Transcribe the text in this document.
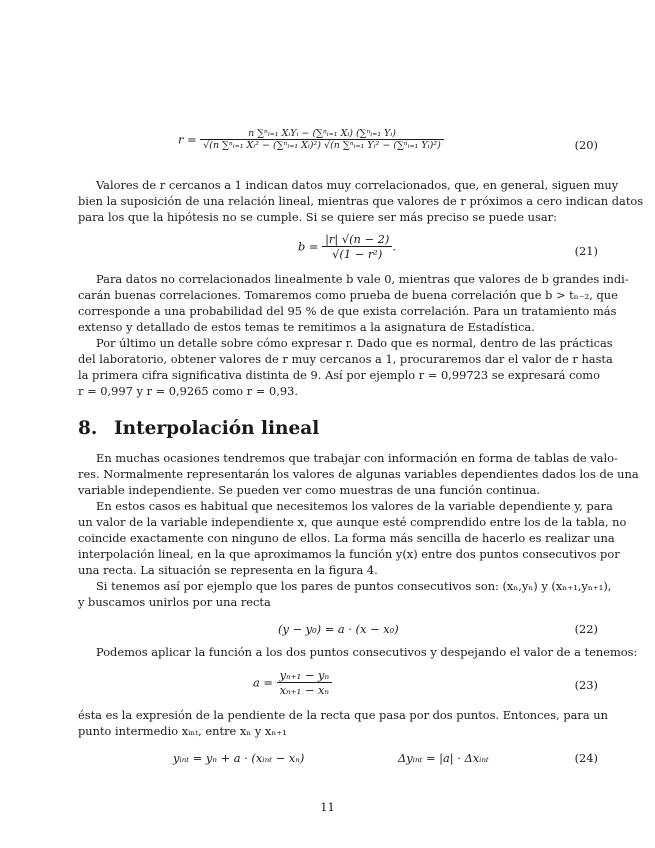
$r = \frac{\text{n ∑ⁿᵢ₌₁ XᵢYᵢ − (∑ⁿᵢ₌₁ Xᵢ) (∑ⁿᵢ₌₁ Yᵢ)}}{\text{√(n ∑ⁿᵢ₌₁ Xᵢ² − (∑ⁿᵢ₌₁ Xᵢ)²) √(n ∑ⁿᵢ₌₁ Yᵢ² − (∑ⁿᵢ₌₁ Yᵢ)²)}}$	(20)
Valores de r cercanos a 1 indican datos muy correlacionados, que, en general, siguen muy
bien la suposición de una relación lineal, mientras que valores de r próximos a cero indican datos
para los que la hipótesis no se cumple. Si se quiere ser más preciso se puede usar:
$b = \frac{|r| √(n - 2)}{\text{√(1 − r²)}}$ .	(21)
Para datos no correlacionados linealmente b vale 0, mientras que valores de b grandes indi-
carán buenas correlaciones. Tomaremos como prueba de buena correlación que b > tₙ₋₂, que
corresponde a una probabilidad del 95 % de que exista correlación. Para un tratamiento más
extenso y detallado de estos temas te remitimos a la asignatura de Estadística.
Por último un detalle sobre cómo expresar r. Dado que es normal, dentro de las prácticas
del laboratorio, obtener valores de r muy cercanos a 1, procuraremos dar el valor de r hasta
la primera cifra significativa distinta de 9. Así por ejemplo r = 0,99723 se expresará como
r = 0,997 y r = 0,9265 como r = 0,93.
8. Interpolación lineal
En muchas ocasiones tendremos que trabajar con información en forma de tablas de valo-
res. Normalmente representarán los valores de algunas variables dependientes dados los de una
variable independiente. Se pueden ver como muestras de una función continua.
En estos casos es habitual que necesitemos los valores de la variable dependiente y, para
un valor de la variable independiente x, que aunque esté comprendido entre los de la tabla, no
coincide exactamente con ninguno de ellos. La forma más sencilla de hacerlo es realizar una
interpolación lineal, en la que aproximamos la función y(x) entre dos puntos consecutivos por
una recta. La situación se representa en la figura 4.
Si tenemos así por ejemplo que los pares de puntos consecutivos son: (xₙ,yₙ) y (xₙ₊₁,yₙ₊₁),
y buscamos unirlos por una recta
(y − y₀) = a · (x − x₀)	(22)
Podemos aplicar la función a los dos puntos consecutivos y despejando el valor de a tenemos:
$a = \frac{\text{yₙ₊₁ − yₙ}}{\text{xₙ₊₁ − xₙ}}$	(23)
ésta es la expresión de la pendiente de la recta que pasa por dos puntos. Entonces, para un
punto intermedio xᵢₙₜ, entre xₙ y xₙ₊₁
yᵢₙₜ = yₙ + a · (xᵢₙₜ − xₙ)	Δyᵢₙₜ = |a| · Δxᵢₙₜ	(24)
11
